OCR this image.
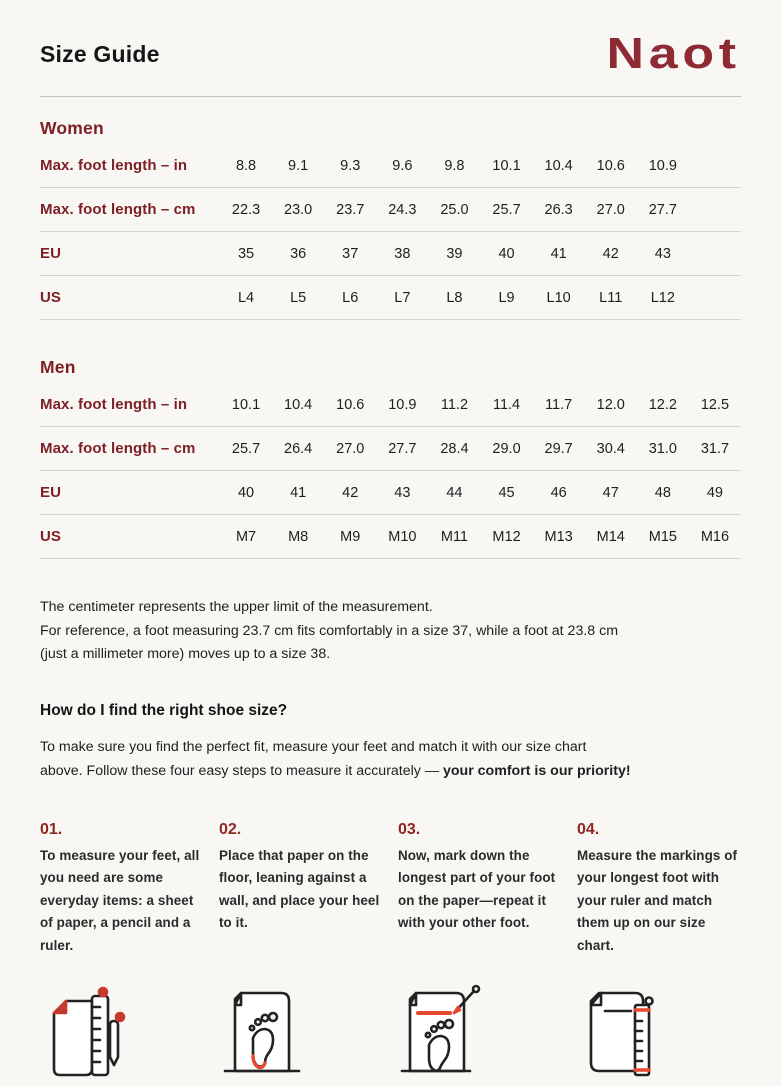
Size Guide	Naot
Women
Max. foot length – in	8.8	9.1	9.3	9.6	9.8	10.1	10.4	10.6	10.9
Max. foot length – cm	22.3	23.0	23.7	24.3	25.0	25.7	26.3	27.0	27.7
EU	35	36	37	38	39	40	41	42	43
US	L4	L5	L6	L7	L8	L9	L10	L11	L12
Men
Max. foot length – in	10.1	10.4	10.6	10.9	11.2	11.4	11.7	12.0	12.2	12.5
Max. foot length – cm	25.7	26.4	27.0	27.7	28.4	29.0	29.7	30.4	31.0	31.7
EU	40	41	42	43	44	45	46	47	48	49
US	M7	M8	M9	M10	M11	M12	M13	M14	M15	M16
The centimeter represents the upper limit of the measurement.
For reference, a foot measuring 23.7 cm fits comfortably in a size 37, while a foot at 23.8 cm
(just a millimeter more) moves up to a size 38.
How do I find the right shoe size?

To make sure you find the perfect fit, measure your feet and match it with our size chart
above. Follow these four easy steps to measure it accurately — your comfort is our priority!

01.
To measure your feet, all you need are some everyday items: a sheet of paper, a pencil and a ruler.
02.
Place that paper on the floor, leaning against a wall, and place your heel to it.
03.
Now, mark down the longest part of your foot on the paper—repeat it with your other foot.
04.
Measure the markings of your longest foot with your ruler and match them up on our size chart.
